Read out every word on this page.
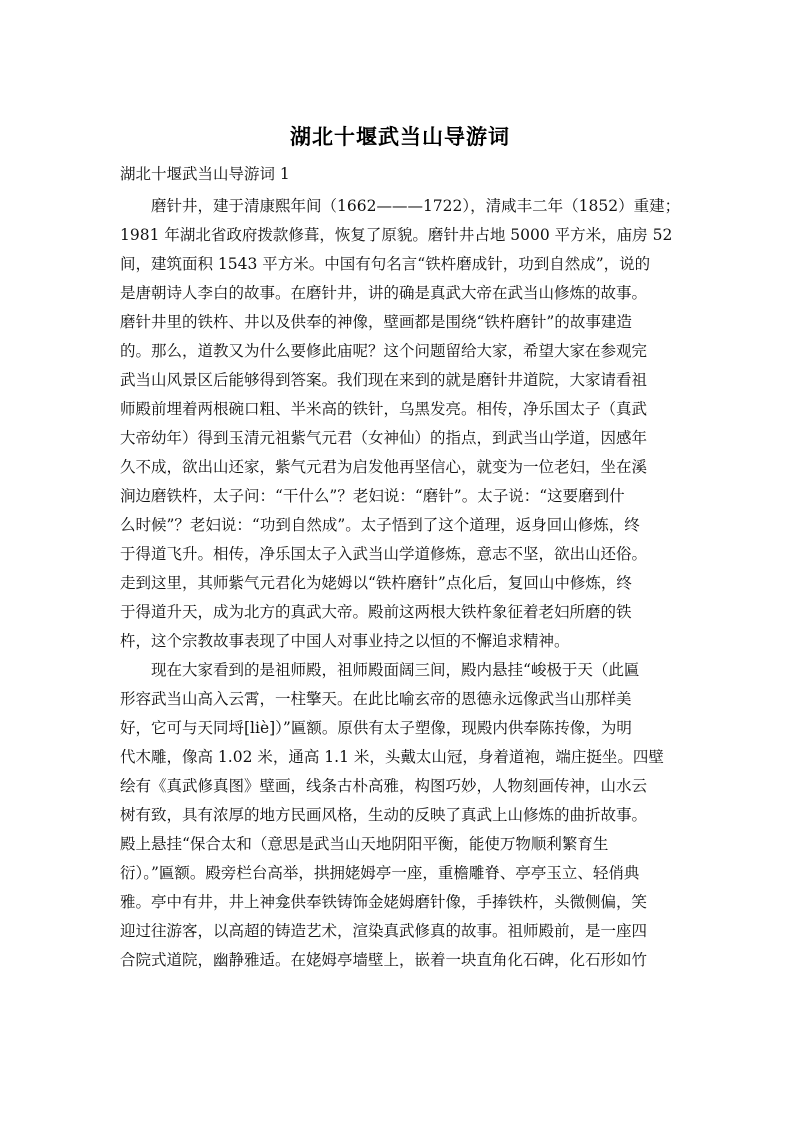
湖北十堰武当山导游词
湖北十堰武当山导游词 1
磨针井，建于清康熙年间（1662———1722），清咸丰二年（1852）重建；
1981 年湖北省政府拨款修葺，恢复了原貌。磨针井占地 5000 平方米，庙房 52
间，建筑面积 1543 平方米。中国有句名言“铁杵磨成针，功到自然成”，说的
是唐朝诗人李白的故事。在磨针井，讲的确是真武大帝在武当山修炼的故事。
磨针井里的铁杵、井以及供奉的神像，壁画都是围绕“铁杵磨针”的故事建造
的。那么，道教又为什么要修此庙呢？这个问题留给大家，希望大家在参观完
武当山风景区后能够得到答案。我们现在来到的就是磨针井道院，大家请看祖
师殿前埋着两根碗口粗、半米高的铁针，乌黑发亮。相传，净乐国太子（真武
大帝幼年）得到玉清元祖紫气元君（女神仙）的指点，到武当山学道，因感年
久不成，欲出山还家，紫气元君为启发他再坚信心，就变为一位老妇，坐在溪
涧边磨铁杵，太子问：“干什么”？老妇说：“磨针”。太子说：“这要磨到什
么时候”？老妇说：“功到自然成”。太子悟到了这个道理，返身回山修炼，终
于得道飞升。相传，净乐国太子入武当山学道修炼，意志不坚，欲出山还俗。
走到这里，其师紫气元君化为姥姆以“铁杵磨针”点化后，复回山中修炼，终
于得道升天，成为北方的真武大帝。殿前这两根大铁杵象征着老妇所磨的铁
杵，这个宗教故事表现了中国人对事业持之以恒的不懈追求精神。
现在大家看到的是祖师殿，祖师殿面阔三间，殿内悬挂“峻极于天（此匾
形容武当山高入云霄，一柱擎天。在此比喻玄帝的恩德永远像武当山那样美
好，它可与天同埒[liè]）”匾额。原供有太子塑像，现殿内供奉陈抟像，为明
代木雕，像高 1.02 米，通高 1.1 米，头戴太山冠，身着道袍，端庄挺坐。四壁
绘有《真武修真图》壁画，线条古朴高雅，构图巧妙，人物刻画传神，山水云
树有致，具有浓厚的地方民画风格，生动的反映了真武上山修炼的曲折故事。
殿上悬挂“保合太和（意思是武当山天地阴阳平衡，能使万物顺利繁育生
衍）。”匾额。殿旁栏台高举，拱拥姥姆亭一座，重檐雕脊、亭亭玉立、轻俏典
雅。亭中有井，井上神龛供奉铁铸饰金姥姆磨针像，手捧铁杵，头微侧偏，笑
迎过往游客，以高超的铸造艺术，渲染真武修真的故事。祖师殿前，是一座四
合院式道院，幽静雅适。在姥姆亭墙壁上，嵌着一块直角化石碑，化石形如竹
